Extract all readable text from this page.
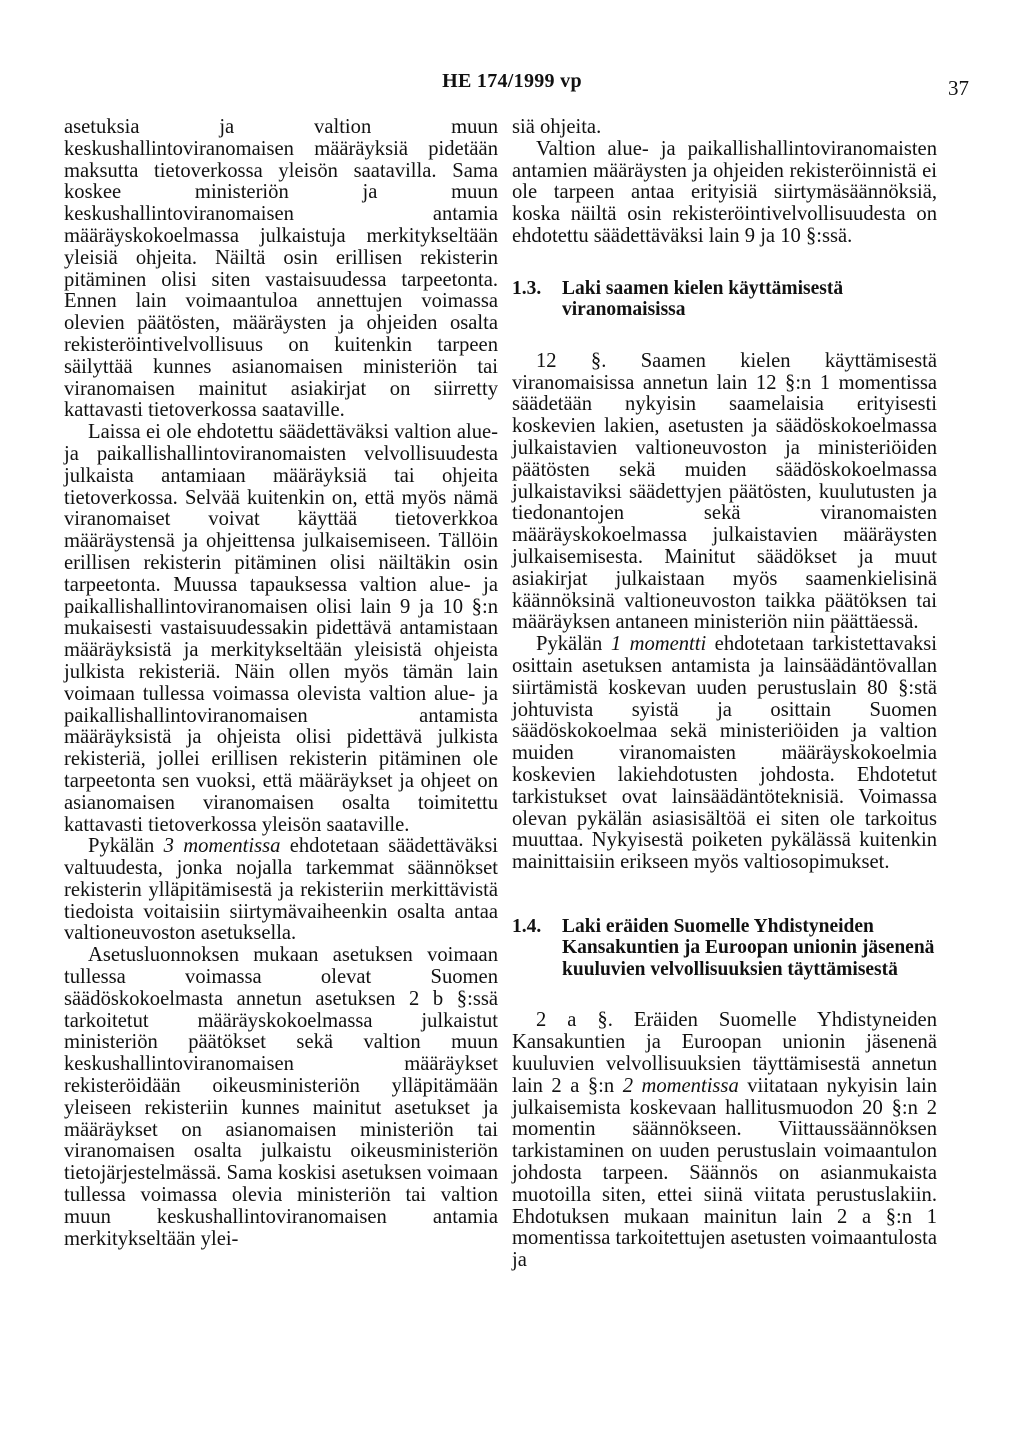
HE 174/1999 vp	37

asetuksia ja valtion muun keskushallintoviranomaisen määräyksiä pidetään maksutta tietoverkossa yleisön saatavilla. Sama koskee ministeriön ja muun keskushallintoviranomaisen antamia määräyskokoelmassa julkaistuja merkitykseltään yleisiä ohjeita. Näiltä osin erillisen rekisterin pitäminen olisi siten vastaisuudessa tarpeetonta. Ennen lain voimaantuloa annettujen voimassa olevien päätösten, määräysten ja ohjeiden osalta rekisteröintivelvollisuus on kuitenkin tarpeen säilyttää kunnes asianomaisen ministeriön tai viranomaisen mainitut asiakirjat on siirretty kattavasti tietoverkossa saataville.

Laissa ei ole ehdotettu säädettäväksi valtion alue- ja paikallishallintoviranomaisten velvollisuudesta julkaista antamiaan määräyksiä tai ohjeita tietoverkossa. Selvää kuitenkin on, että myös nämä viranomaiset voivat käyttää tietoverkkoa määräystensä ja ohjeittensa julkaisemiseen. Tällöin erillisen rekisterin pitäminen olisi näiltäkin osin tarpeetonta. Muussa tapauksessa valtion alue- ja paikallishallintoviranomaisen olisi lain 9 ja 10 §:n mukaisesti vastaisuudessakin pidettävä antamistaan määräyksistä ja merkitykseltään yleisistä ohjeista julkista rekisteriä. Näin ollen myös tämän lain voimaan tullessa voimassa olevista valtion alue- ja paikallishallintoviranomaisen antamista määräyksistä ja ohjeista olisi pidettävä julkista rekisteriä, jollei erillisen rekisterin pitäminen ole tarpeetonta sen vuoksi, että määräykset ja ohjeet on asianomaisen viranomaisen osalta toimitettu kattavasti tietoverkossa yleisön saataville.

Pykälän 3 momentissa ehdotetaan säädettäväksi valtuudesta, jonka nojalla tarkemmat säännökset rekisterin ylläpitämisestä ja rekisteriin merkittävistä tiedoista voitaisiin siirtymävaiheenkin osalta antaa valtioneuvoston asetuksella.

Asetusluonnoksen mukaan asetuksen voimaan tullessa voimassa olevat Suomen säädöskokoelmasta annetun asetuksen 2 b §:ssä tarkoitetut määräyskokoelmassa julkaistut ministeriön päätökset sekä valtion muun keskushallintoviranomaisen määräykset rekisteröidään oikeusministeriön ylläpitämään yleiseen rekisteriin kunnes mainitut asetukset ja määräykset on asianomaisen ministeriön tai viranomaisen osalta julkaistu oikeusministeriön tietojärjestelmässä. Sama koskisi asetuksen voimaan tullessa voimassa olevia ministeriön tai valtion muun keskushallintoviranomaisen antamia merkitykseltään ylei-

siä ohjeita.

Valtion alue- ja paikallishallintoviranomaisten antamien määräysten ja ohjeiden rekisteröinnistä ei ole tarpeen antaa erityisiä siirtymäsäännöksiä, koska näiltä osin rekisteröintivelvollisuudesta on ehdotettu säädettäväksi lain 9 ja 10 §:ssä.

1.3.	Laki saamen kielen käyttämisestä viranomaisissa

12 §. Saamen kielen käyttämisestä viranomaisissa annetun lain 12 §:n 1 momentissa säädetään nykyisin saamelaisia erityisesti koskevien lakien, asetusten ja säädöskokoelmassa julkaistavien valtioneuvoston ja ministeriöiden päätösten sekä muiden säädöskokoelmassa julkaistaviksi säädettyjen päätösten, kuulutusten ja tiedonantojen sekä viranomaisten määräyskokoelmassa julkaistavien määräysten julkaisemisesta. Mainitut säädökset ja muut asiakirjat julkaistaan myös saamenkielisinä käännöksinä valtioneuvoston taikka päätöksen tai määräyksen antaneen ministeriön niin päättäessä.

Pykälän 1 momentti ehdotetaan tarkistettavaksi osittain asetuksen antamista ja lainsäädäntövallan siirtämistä koskevan uuden perustuslain 80 §:stä johtuvista syistä ja osittain Suomen säädöskokoelmaa sekä ministeriöiden ja valtion muiden viranomaisten määräyskokoelmia koskevien lakiehdotusten johdosta. Ehdotetut tarkistukset ovat lainsäädäntöteknisiä. Voimassa olevan pykälän asiasisältöä ei siten ole tarkoitus muuttaa. Nykyisestä poiketen pykälässä kuitenkin mainittaisiin erikseen myös valtiosopimukset.

1.4.	Laki eräiden Suomelle Yhdistyneiden Kansakuntien ja Euroopan unionin jäsenenä kuuluvien velvollisuuksien täyttämisestä

2 a §. Eräiden Suomelle Yhdistyneiden Kansakuntien ja Euroopan unionin jäsenenä kuuluvien velvollisuuksien täyttämisestä annetun lain 2 a §:n 2 momentissa viitataan nykyisin lain julkaisemista koskevaan hallitusmuodon 20 §:n 2 momentin säännökseen. Viittaussäännöksen tarkistaminen on uuden perustuslain voimaantulon johdosta tarpeen. Säännös on asianmukaista muotoilla siten, ettei siinä viitata perustuslakiin. Ehdotuksen mukaan mainitun lain 2 a §:n 1 momentissa tarkoitettujen asetusten voimaantulosta ja
